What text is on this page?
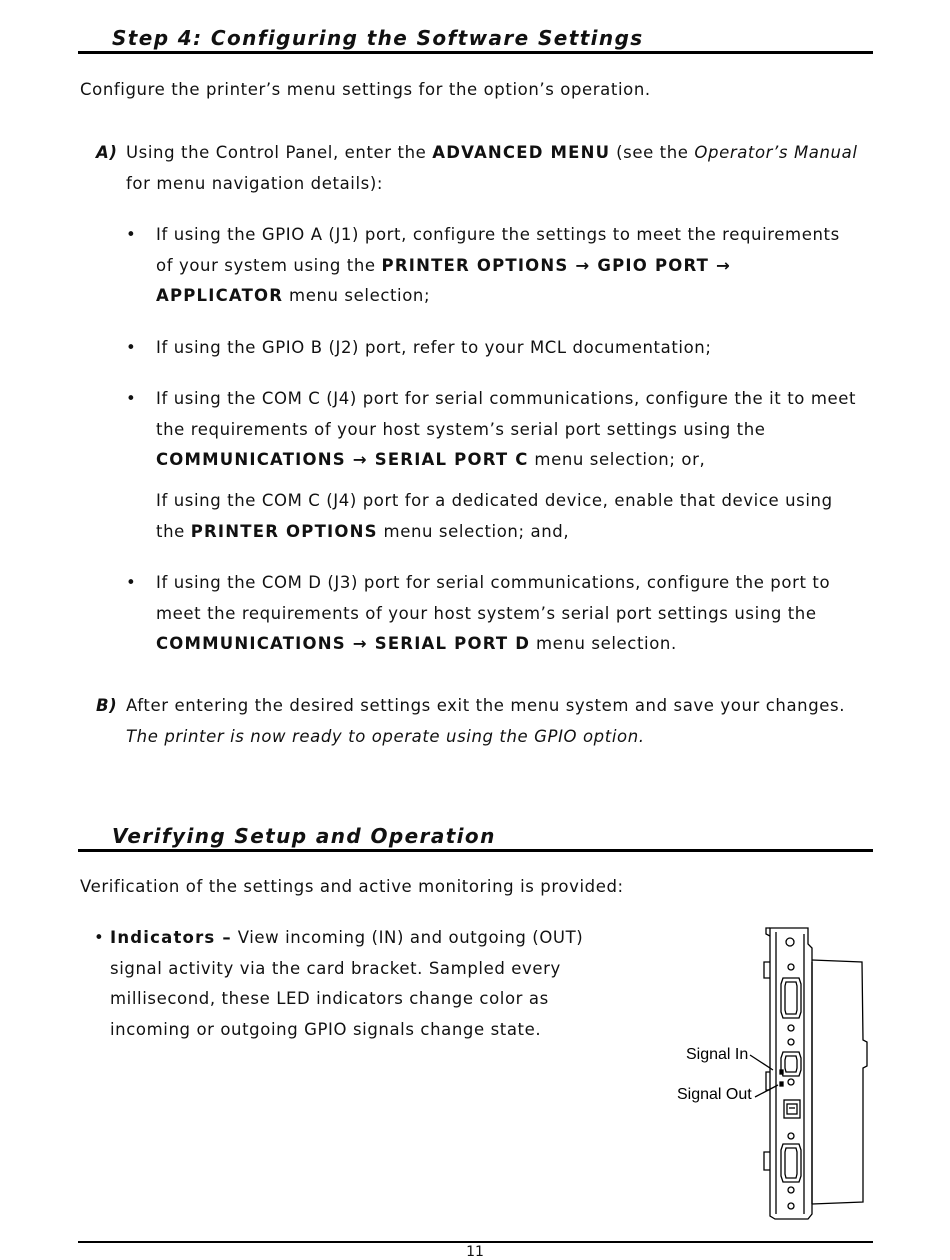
Step 4: Configuring the Software Settings

Configure the printer’s menu settings for the option’s operation.

A) Using the Control Panel, enter the ADVANCED MENU (see the Operator’s Manual for menu navigation details):

• If using the GPIO A (J1) port, configure the settings to meet the requirements of your system using the PRINTER OPTIONS → GPIO PORT → APPLICATOR menu selection;

• If using the GPIO B (J2) port, refer to your MCL documentation;

• If using the COM C (J4) port for serial communications, configure the it to meet the requirements of your host system’s serial port settings using the COMMUNICATIONS → SERIAL PORT C menu selection; or,

If using the COM C (J4) port for a dedicated device, enable that device using the PRINTER OPTIONS menu selection; and,

• If using the COM D (J3) port for serial communications, configure the port to meet the requirements of your host system’s serial port settings using the COMMUNICATIONS → SERIAL PORT D menu selection.

B) After entering the desired settings exit the menu system and save your changes. The printer is now ready to operate using the GPIO option.

Verifying Setup and Operation

Verification of the settings and active monitoring is provided:

• Indicators – View incoming (IN) and outgoing (OUT) signal activity via the card bracket. Sampled every millisecond, these LED indicators change color as incoming or outgoing GPIO signals change state.

Signal In
Signal Out
11
